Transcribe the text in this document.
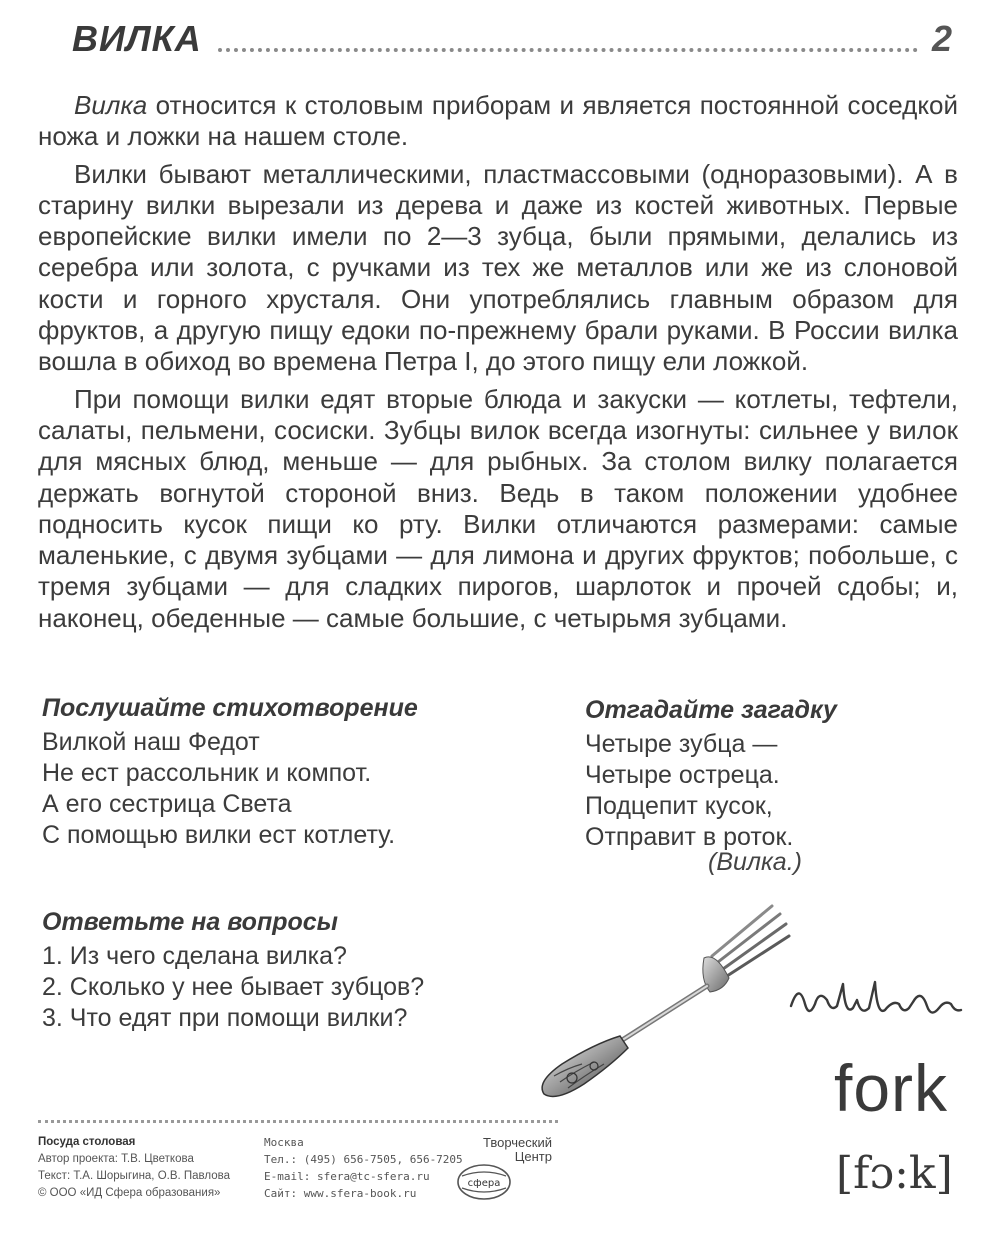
ВИЛКА	2

Вилка относится к столовым приборам и является постоянной соседкой ножа и ложки на нашем столе.

Вилки бывают металлическими, пластмассовыми (одноразовыми). А в старину вилки вырезали из дерева и даже из костей животных. Первые европейские вилки имели по 2—3 зубца, были прямыми, делались из серебра или золота, с ручками из тех же металлов или же из слоновой кости и горного хрусталя. Они употреблялись главным образом для фруктов, а другую пищу едоки по-прежнему брали руками. В России вилка вошла в обиход во времена Петра I, до этого пищу ели ложкой.

При помощи вилки едят вторые блюда и закуски — котлеты, тефтели, салаты, пельмени, сосиски. Зубцы вилок всегда изогнуты: сильнее у вилок для мясных блюд, меньше — для рыбных. За столом вилку полагается держать вогнутой стороной вниз. Ведь в таком положении удобнее подносить кусок пищи ко рту. Вилки отличаются размерами: самые маленькие, с двумя зубцами — для лимона и других фруктов; побольше, с тремя зубцами — для сладких пирогов, шарлоток и прочей сдобы; и, наконец, обеденные — самые большие, с четырьмя зубцами.

Послушайте стихотворение
Вилкой наш Федот
Не ест рассольник и компот.
А его сестрица Света
С помощью вилки ест котлету.
Отгадайте загадку
Четыре зубца —
Четыре острецa.
Подцепит кусок,
Отправит в роток.
(Вилка.)
Ответьте на вопросы
1. Из чего сделана вилка?
2. Сколько у нее бывает зубцов?
3. Что едят при помощи вилки?
fork
[fɔ:k]
Посуда столовая
Автор проекта: Т.В. Цветкова
Текст: Т.А. Шорыгина, О.В. Павлова
© ООО «ИД Сфера образования»
Москва
Тел.: (495) 656-7505, 656-7205
E-mail: sfera@tc-sfera.ru
Сайт: www.sfera-book.ru
Творческий
Центр
сфера
